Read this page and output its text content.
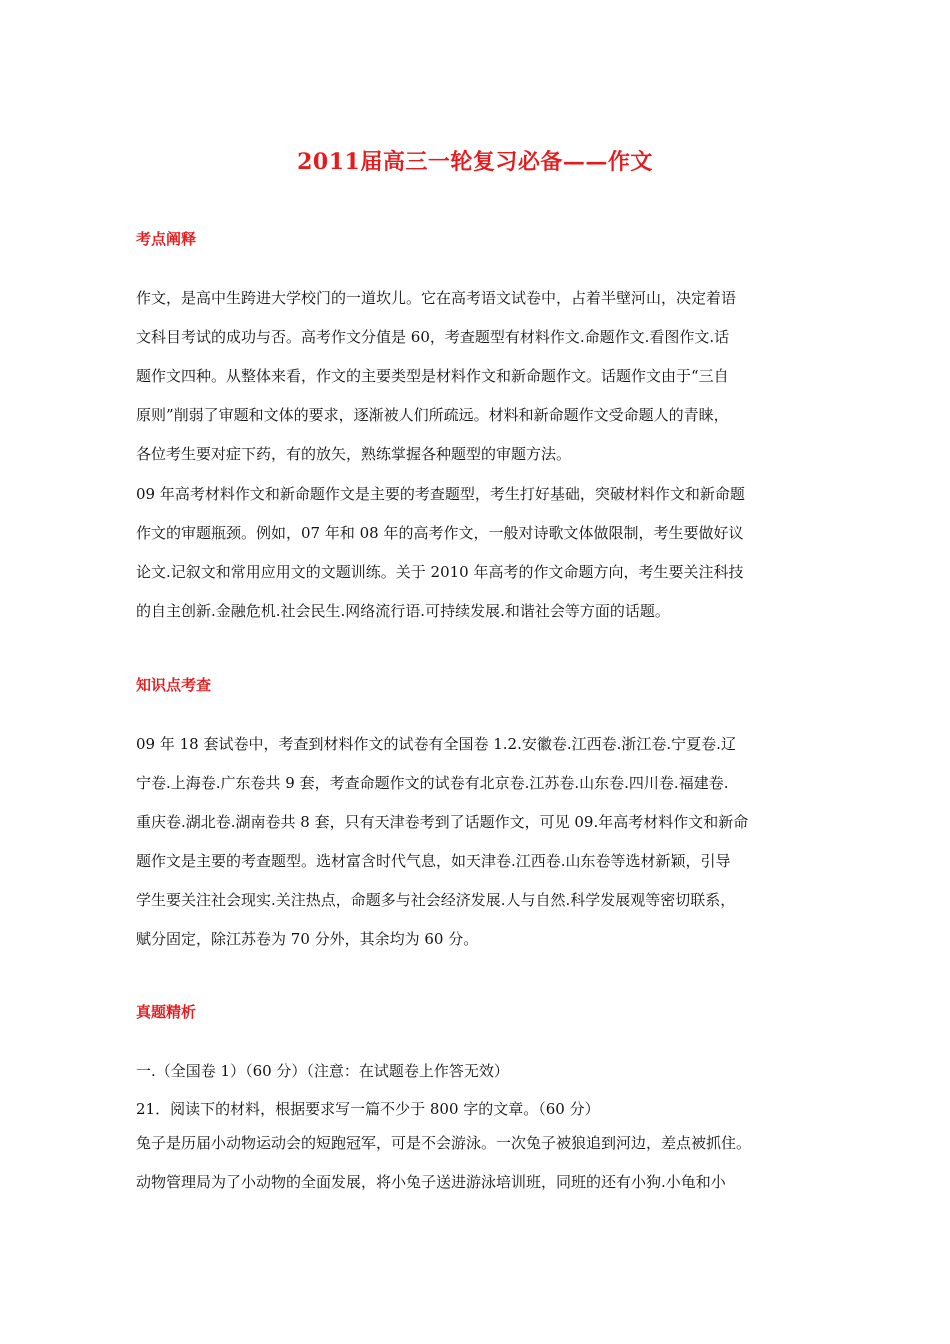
2011届高三一轮复习必备——作文
考点阐释
作文，是高中生跨进大学校门的一道坎儿。它在高考语文试卷中，占着半壁河山，决定着语
文科目考试的成功与否。高考作文分值是 60，考查题型有材料作文.命题作文.看图作文.话
题作文四种。从整体来看，作文的主要类型是材料作文和新命题作文。话题作文由于“三自
原则”削弱了审题和文体的要求，逐渐被人们所疏远。材料和新命题作文受命题人的青睐，
各位考生要对症下药，有的放矢，熟练掌握各种题型的审题方法。
09 年高考材料作文和新命题作文是主要的考查题型，考生打好基础，突破材料作文和新命题
作文的审题瓶颈。例如，07 年和 08 年的高考作文，一般对诗歌文体做限制，考生要做好议
论文.记叙文和常用应用文的文题训练。关于 2010 年高考的作文命题方向，考生要关注科技
的自主创新.金融危机.社会民生.网络流行语.可持续发展.和谐社会等方面的话题。
知识点考查
09 年 18 套试卷中，考查到材料作文的试卷有全国卷 1.2.安徽卷.江西卷.浙江卷.宁夏卷.辽
宁卷.上海卷.广东卷共 9 套，考查命题作文的试卷有北京卷.江苏卷.山东卷.四川卷.福建卷.
重庆卷.湖北卷.湖南卷共 8 套，只有天津卷考到了话题作文，可见 09.年高考材料作文和新命
题作文是主要的考查题型。选材富含时代气息，如天津卷.江西卷.山东卷等选材新颖，引导
学生要关注社会现实.关注热点，命题多与社会经济发展.人与自然.科学发展观等密切联系，
赋分固定，除江苏卷为 70 分外，其余均为 60 分。
真题精析
一.（全国卷 1）（60 分）（注意：在试题卷上作答无效）
21．阅读下的材料，根据要求写一篇不少于 800 字的文章。（60 分）
兔子是历届小动物运动会的短跑冠军，可是不会游泳。一次兔子被狼追到河边，差点被抓住。
动物管理局为了小动物的全面发展，将小兔子送进游泳培训班，同班的还有小狗.小龟和小
